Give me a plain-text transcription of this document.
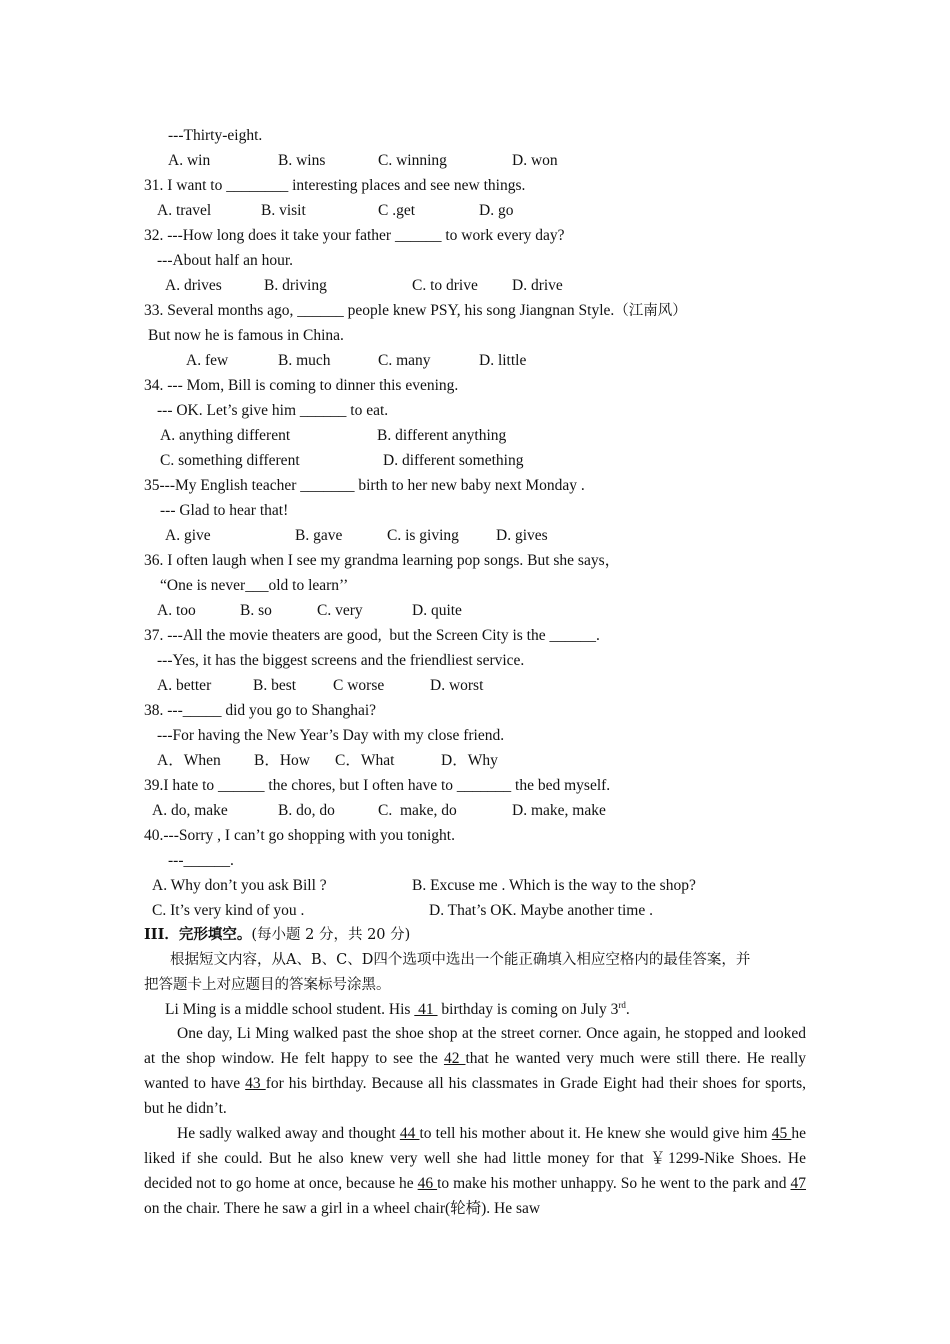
---Thirty-eight.
A. win	B. wins	C. winning	D. won
31. I want to ________ interesting places and see new things.
A. travel	B. visit	C .get	D. go
32. ---How long does it take your father ______ to work every day?
---About half an hour.
A. drives	B. driving	C. to drive D. drive
33. Several months ago, ______ people knew PSY, his song Jiangnan Style.（江南风）
But now he is famous in China.
A. few	B. much	C. many	D. little
34. --- Mom, Bill is coming to dinner this evening.
--- OK. Let’s give him ______ to eat.
A. anything different	B. different anything
C. something different	D. different something
35---My English teacher _______ birth to her new baby next Monday .
--- Glad to hear that!
A. give	B. gave	C. is giving D. gives
36. I often laugh when I see my grandma learning pop songs. But she says，
“One is never___old to learn’’
A. too	B. so	C. very	D. quite
37. ---All the movie theaters are good,  but the Screen City is the ______.
---Yes, it has the biggest screens and the friendliest service.
A. better	B. best C worse	D. worst
38. ---_____ did you go to Shanghai?
---For having the New Year’s Day with my close friend.
A．When B．How C．What	D．Why
39.I hate to ______ the chores, but I often have to _______ the bed myself.
A. do, make	B. do, do	C.  make, do	D. make, make
40.---Sorry , I can’t go shopping with you tonight.
---______.
A. Why don’t you ask Bill ?	B. Excuse me . Which is the way to the shop?
C. It’s very kind of you .	D. That’s OK. Maybe another time .
III．完形填空。(每小题 2 分，共 20 分)
根据短文内容，从A、B、C、D四个选项中选出一个能正确填入相应空格内的最佳答案，并
把答题卡上对应题目的答案标号涂黑。
Li Ming is a middle school student. His  41  birthday is coming on July 3rd.
One day, Li Ming walked past the shoe shop at the street corner. Once again, he stopped and looked at the shop window. He felt happy to see the 42 that he wanted very much were still there. He really wanted to have 43 for his birthday. Because all his classmates in Grade Eight had their shoes for sports, but he didn’t.
He sadly walked away and thought 44 to tell his mother about it. He knew she would give him 45 he liked if she could. But he also knew very well she had little money for that ￥1299-Nike Shoes. He decided not to go home at once, because he 46 to make his mother unhappy. So he went to the park and 47 on the chair. There he saw a girl in a wheel chair(轮椅). He saw
